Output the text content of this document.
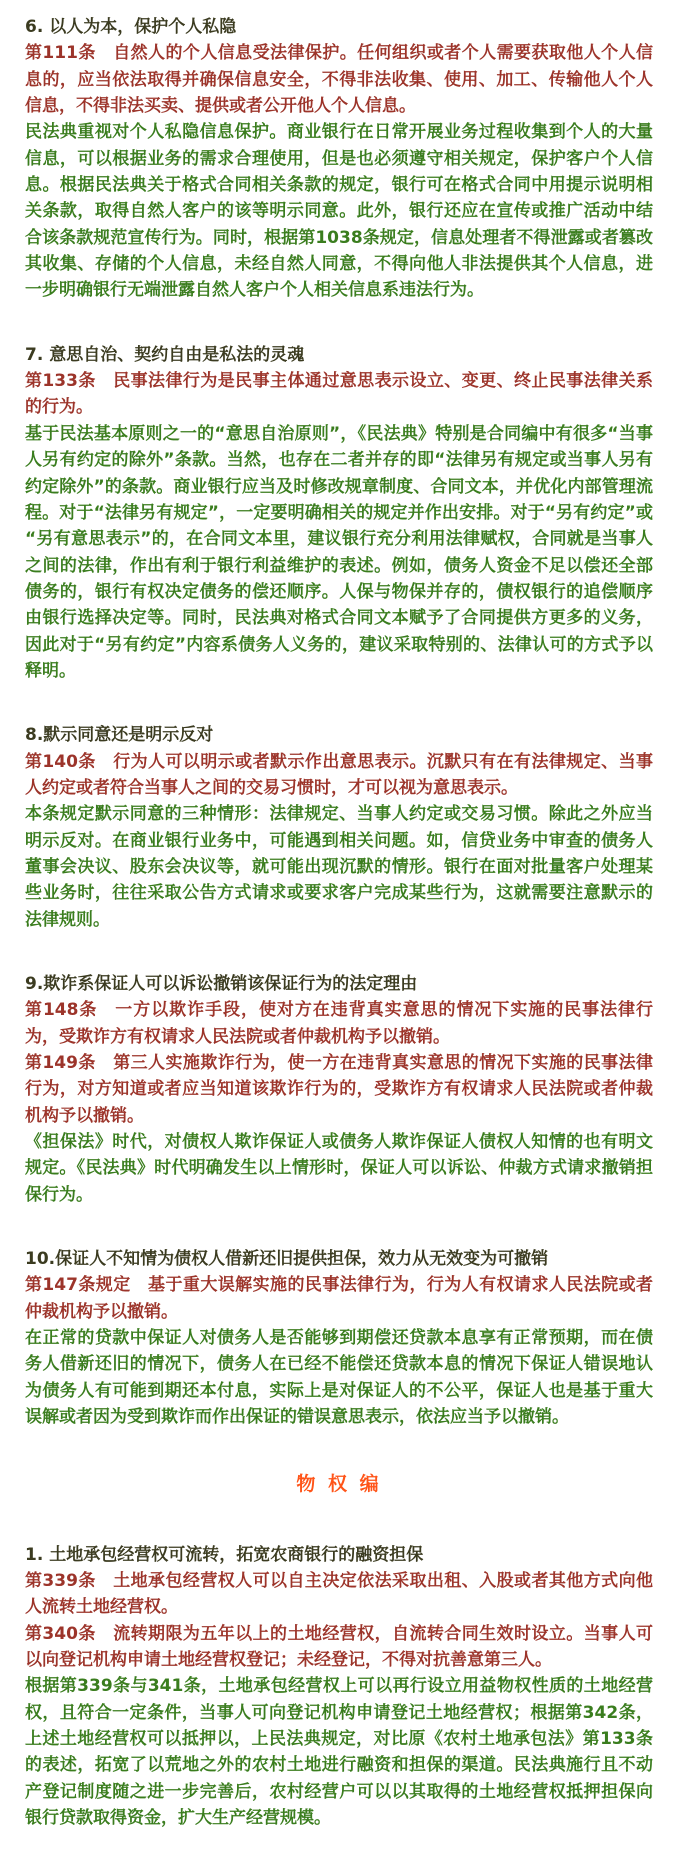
6. 以人为本，保护个人私隐

第111条　自然人的个人信息受法律保护。任何组织或者个人需要获取他人个人信息的，应当依法取得并确保信息安全，不得非法收集、使用、加工、传输他人个人信息，不得非法买卖、提供或者公开他人个人信息。

民法典重视对个人私隐信息保护。商业银行在日常开展业务过程收集到个人的大量信息，可以根据业务的需求合理使用，但是也必须遵守相关规定，保护客户个人信息。根据民法典关于格式合同相关条款的规定，银行可在格式合同中用提示说明相关条款，取得自然人客户的该等明示同意。此外，银行还应在宣传或推广活动中结合该条款规范宣传行为。同时，根据第1038条规定，信息处理者不得泄露或者篡改其收集、存储的个人信息，未经自然人同意，不得向他人非法提供其个人信息，进一步明确银行无端泄露自然人客户个人相关信息系违法行为。

7. 意思自治、契约自由是私法的灵魂

第133条　民事法律行为是民事主体通过意思表示设立、变更、终止民事法律关系的行为。

基于民法基本原则之一的“意思自治原则”，《民法典》特别是合同编中有很多“当事人另有约定的除外”条款。当然，也存在二者并存的即“法律另有规定或当事人另有约定除外”的条款。商业银行应当及时修改规章制度、合同文本，并优化内部管理流程。对于“法律另有规定”，一定要明确相关的规定并作出安排。对于“另有约定”或“另有意思表示”的，在合同文本里，建议银行充分利用法律赋权，合同就是当事人之间的法律，作出有利于银行利益维护的表述。例如，债务人资金不足以偿还全部债务的，银行有权决定债务的偿还顺序。人保与物保并存的，债权银行的追偿顺序由银行选择决定等。同时，民法典对格式合同文本赋予了合同提供方更多的义务，因此对于“另有约定”内容系债务人义务的，建议采取特别的、法律认可的方式予以释明。

8.默示同意还是明示反对

第140条　行为人可以明示或者默示作出意思表示。沉默只有在有法律规定、当事人约定或者符合当事人之间的交易习惯时，才可以视为意思表示。

本条规定默示同意的三种情形：法律规定、当事人约定或交易习惯。除此之外应当明示反对。在商业银行业务中，可能遇到相关问题。如，信贷业务中审查的债务人董事会决议、股东会决议等，就可能出现沉默的情形。银行在面对批量客户处理某些业务时，往往采取公告方式请求或要求客户完成某些行为，这就需要注意默示的法律规则。

9.欺诈系保证人可以诉讼撤销该保证行为的法定理由

第148条　一方以欺诈手段，使对方在违背真实意思的情况下实施的民事法律行为，受欺诈方有权请求人民法院或者仲裁机构予以撤销。

第149条　第三人实施欺诈行为，使一方在违背真实意思的情况下实施的民事法律行为，对方知道或者应当知道该欺诈行为的，受欺诈方有权请求人民法院或者仲裁机构予以撤销。

《担保法》时代，对债权人欺诈保证人或债务人欺诈保证人债权人知情的也有明文规定。《民法典》时代明确发生以上情形时，保证人可以诉讼、仲裁方式请求撤销担保行为。

10.保证人不知情为债权人借新还旧提供担保，效力从无效变为可撤销

第147条规定　基于重大误解实施的民事法律行为，行为人有权请求人民法院或者仲裁机构予以撤销。

在正常的贷款中保证人对债务人是否能够到期偿还贷款本息享有正常预期，而在债务人借新还旧的情况下，债务人在已经不能偿还贷款本息的情况下保证人错误地认为债务人有可能到期还本付息，实际上是对保证人的不公平，保证人也是基于重大误解或者因为受到欺诈而作出保证的错误意思表示，依法应当予以撤销。

物 权 编
1. 土地承包经营权可流转，拓宽农商银行的融资担保

第339条　土地承包经营权人可以自主决定依法采取出租、入股或者其他方式向他人流转土地经营权。

第340条　流转期限为五年以上的土地经营权，自流转合同生效时设立。当事人可以向登记机构申请土地经营权登记；未经登记，不得对抗善意第三人。

根据第339条与341条，土地承包经营权上可以再行设立用益物权性质的土地经营权，且符合一定条件，当事人可向登记机构申请登记土地经营权；根据第342条，上述土地经营权可以抵押以，上民法典规定，对比原《农村土地承包法》第133条的表述，拓宽了以荒地之外的农村土地进行融资和担保的渠道。民法典施行且不动产登记制度随之进一步完善后，农村经营户可以以其取得的土地经营权抵押担保向银行贷款取得资金，扩大生产经营规模。
